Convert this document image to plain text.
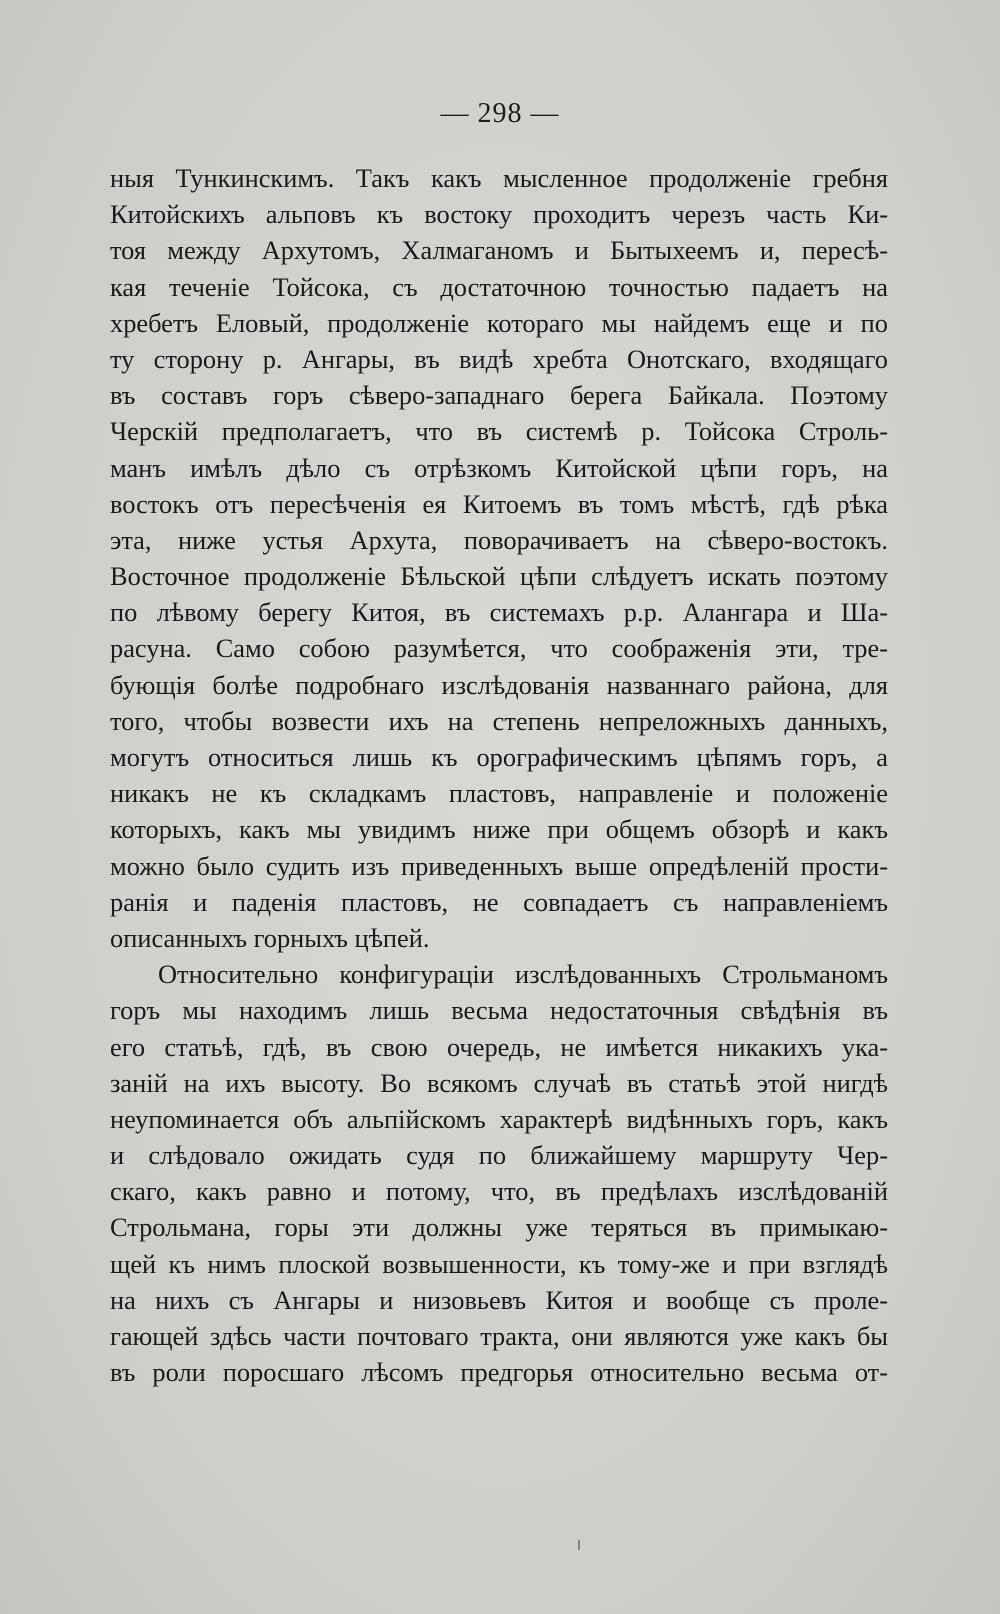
— 298 —
ныя Тункинскимъ. Такъ какъ мысленное продолженіе гребня
Китойскихъ альповъ къ востоку проходитъ черезъ часть Ки-
тоя между Архутомъ, Халмаганомъ и Бытыхеемъ и, пересѣ-
кая теченіе Тойсока, съ достаточною точностью падаетъ на
хребетъ Еловый, продолженіе котораго мы найдемъ еще и по
ту сторону р. Ангары, въ видѣ хребта Онотскаго, входящаго
въ составъ горъ сѣверо-западнаго берега Байкала. Поэтому
Черскій предполагаетъ, что въ системѣ р. Тойсока Строль-
манъ имѣлъ дѣло съ отрѣзкомъ Китойской цѣпи горъ, на
востокъ отъ пересѣченія ея Китоемъ въ томъ мѣстѣ, гдѣ рѣка
эта, ниже устья Архута, поворачиваетъ на сѣверо-востокъ.
Восточное продолженіе Бѣльской цѣпи слѣдуетъ искать поэтому
по лѣвому берегу Китоя, въ системахъ р.р. Алангара и Ша-
расуна. Само собою разумѣется, что соображенія эти, тре-
бующія болѣе подробнаго изслѣдованія названнаго района, для
того, чтобы возвести ихъ на степень непреложныхъ данныхъ,
могутъ относиться лишь къ орографическимъ цѣпямъ горъ, а
никакъ не къ складкамъ пластовъ, направленіе и положеніе
которыхъ, какъ мы увидимъ ниже при общемъ обзорѣ и какъ
можно было судить изъ приведенныхъ выше опредѣленій прости-
ранія и паденія пластовъ, не совпадаетъ съ направленіемъ
описанныхъ горныхъ цѣпей.
Относительно конфигураціи изслѣдованныхъ Строльманомъ
горъ мы находимъ лишь весьма недостаточныя свѣдѣнія въ
его статьѣ, гдѣ, въ свою очередь, не имѣется никакихъ ука-
заній на ихъ высоту. Во всякомъ случаѣ въ статьѣ этой нигдѣ
неупоминается объ альпійскомъ характерѣ видѣнныхъ горъ, какъ
и слѣдовало ожидать судя по ближайшему маршруту Чер-
скаго, какъ равно и потому, что, въ предѣлахъ изслѣдованій
Строльмана, горы эти должны уже теряться въ примыкаю-
щей къ нимъ плоской возвышенности, къ тому-же и при взглядѣ
на нихъ съ Ангары и низовьевъ Китоя и вообще съ проле-
гающей здѣсь части почтоваго тракта, они являются уже какъ бы
въ роли поросшаго лѣсомъ предгорья относительно весьма от-
